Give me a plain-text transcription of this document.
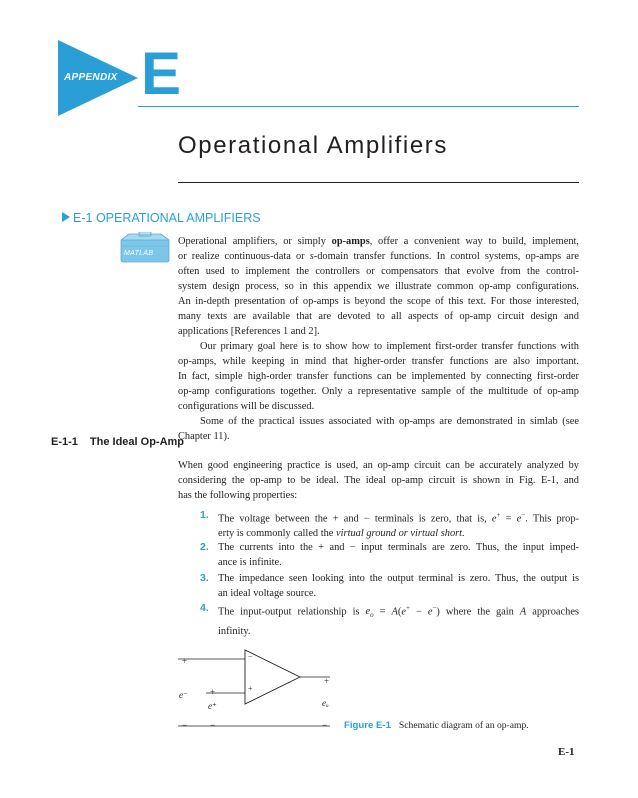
APPENDIX E
Operational Amplifiers
E-1 OPERATIONAL AMPLIFIERS
MATLAB
Operational amplifiers, or simply op-amps, offer a convenient way to build, implement,
or realize continuous-data or s-domain transfer functions. In control systems, op-amps are
often used to implement the controllers or compensators that evolve from the control-
system design process, so in this appendix we illustrate common op-amp configurations.
An in-depth presentation of op-amps is beyond the scope of this text. For those interested,
many texts are available that are devoted to all aspects of op-amp circuit design and
applications [References 1 and 2].
Our primary goal here is to show how to implement first-order transfer functions with
op-amps, while keeping in mind that higher-order transfer functions are also important.
In fact, simple high-order transfer functions can be implemented by connecting first-order
op-amp configurations together. Only a representative sample of the multitude of op-amp
configurations will be discussed.
Some of the practical issues associated with op-amps are demonstrated in simlab (see
Chapter 11).
E-1-1 The Ideal Op-Amp
When good engineering practice is used, an op-amp circuit can be accurately analyzed by
considering the op-amp to be ideal. The ideal op-amp circuit is shown in Fig. E-1, and
has the following properties:
1. The voltage between the + and − terminals is zero, that is, e+ = e−. This prop-
erty is commonly called the virtual ground or virtual short.
2. The currents into the + and − input terminals are zero. Thus, the input imped-
ance is infinite.
3. The impedance seen looking into the output terminal is zero. Thus, the output is
an ideal voltage source.
4. The input-output relationship is $e_o = A(e^+ - e^-)$ where the gain A approaches
infinity.
+	−
+
+
+
e⁻
e⁺	eₒ
−	−	− Figure E-1 Schematic diagram of an op-amp.
E-1
